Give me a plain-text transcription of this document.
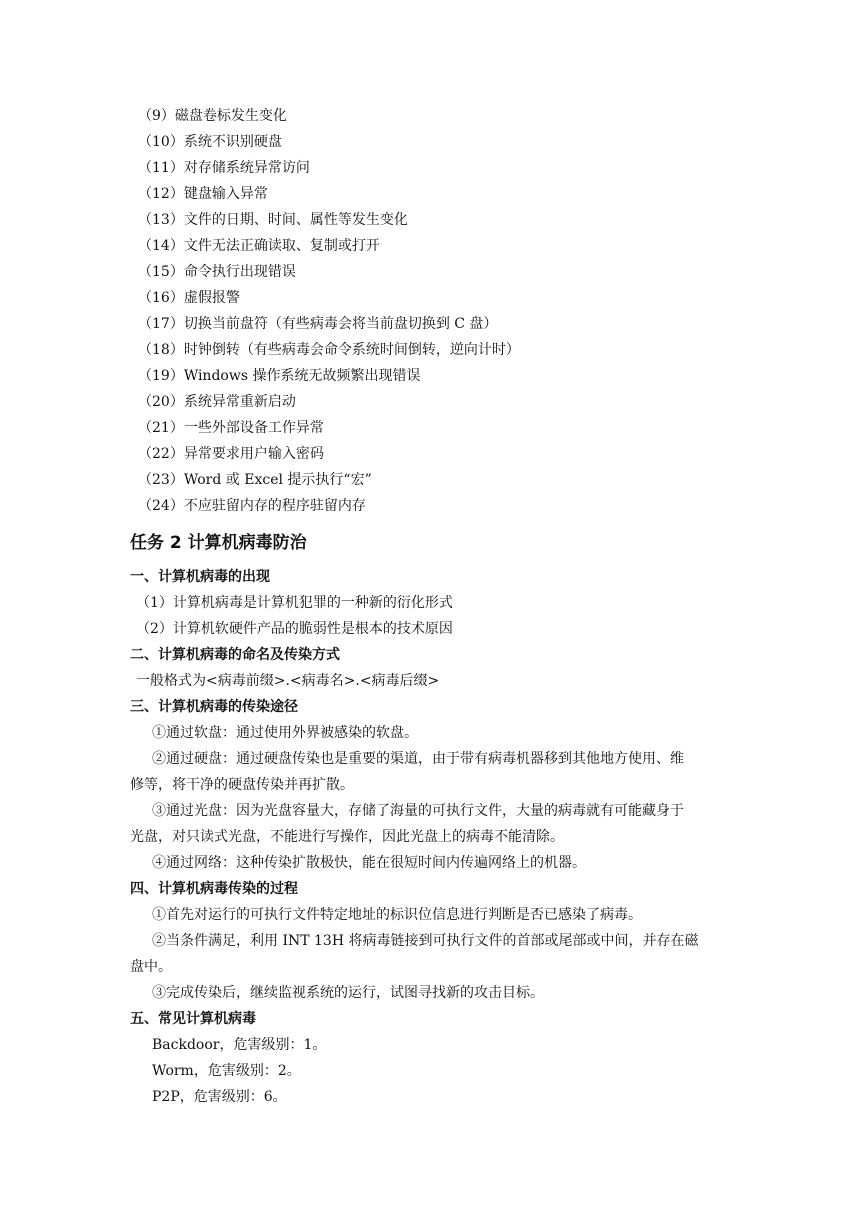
（9）磁盘卷标发生变化
（10）系统不识别硬盘
（11）对存储系统异常访问
（12）键盘输入异常
（13）文件的日期、时间、属性等发生变化
（14）文件无法正确读取、复制或打开
（15）命令执行出现错误
（16）虚假报警
（17）切换当前盘符（有些病毒会将当前盘切换到 C 盘）
（18）时钟倒转（有些病毒会命令系统时间倒转，逆向计时）
（19）Windows 操作系统无故频繁出现错误
（20）系统异常重新启动
（21）一些外部设备工作异常
（22）异常要求用户输入密码
（23）Word 或 Excel 提示执行“宏”
（24）不应驻留内存的程序驻留内存
任务 2 计算机病毒防治
一、计算机病毒的出现
（1）计算机病毒是计算机犯罪的一种新的衍化形式
（2）计算机软硬件产品的脆弱性是根本的技术原因
二、计算机病毒的命名及传染方式
一般格式为<病毒前缀>.<病毒名>.<病毒后缀>
三、计算机病毒的传染途径
①通过软盘：通过使用外界被感染的软盘。
②通过硬盘：通过硬盘传染也是重要的渠道，由于带有病毒机器移到其他地方使用、维
修等，将干净的硬盘传染并再扩散。
③通过光盘：因为光盘容量大，存储了海量的可执行文件，大量的病毒就有可能藏身于
光盘，对只读式光盘，不能进行写操作，因此光盘上的病毒不能清除。
④通过网络：这种传染扩散极快，能在很短时间内传遍网络上的机器。
四、计算机病毒传染的过程
①首先对运行的可执行文件特定地址的标识位信息进行判断是否已感染了病毒。
②当条件满足，利用 INT 13H 将病毒链接到可执行文件的首部或尾部或中间，并存在磁
盘中。
③完成传染后，继续监视系统的运行，试图寻找新的攻击目标。
五、常见计算机病毒
Backdoor，危害级别：1。
Worm，危害级别：2。
P2P，危害级别：6。
